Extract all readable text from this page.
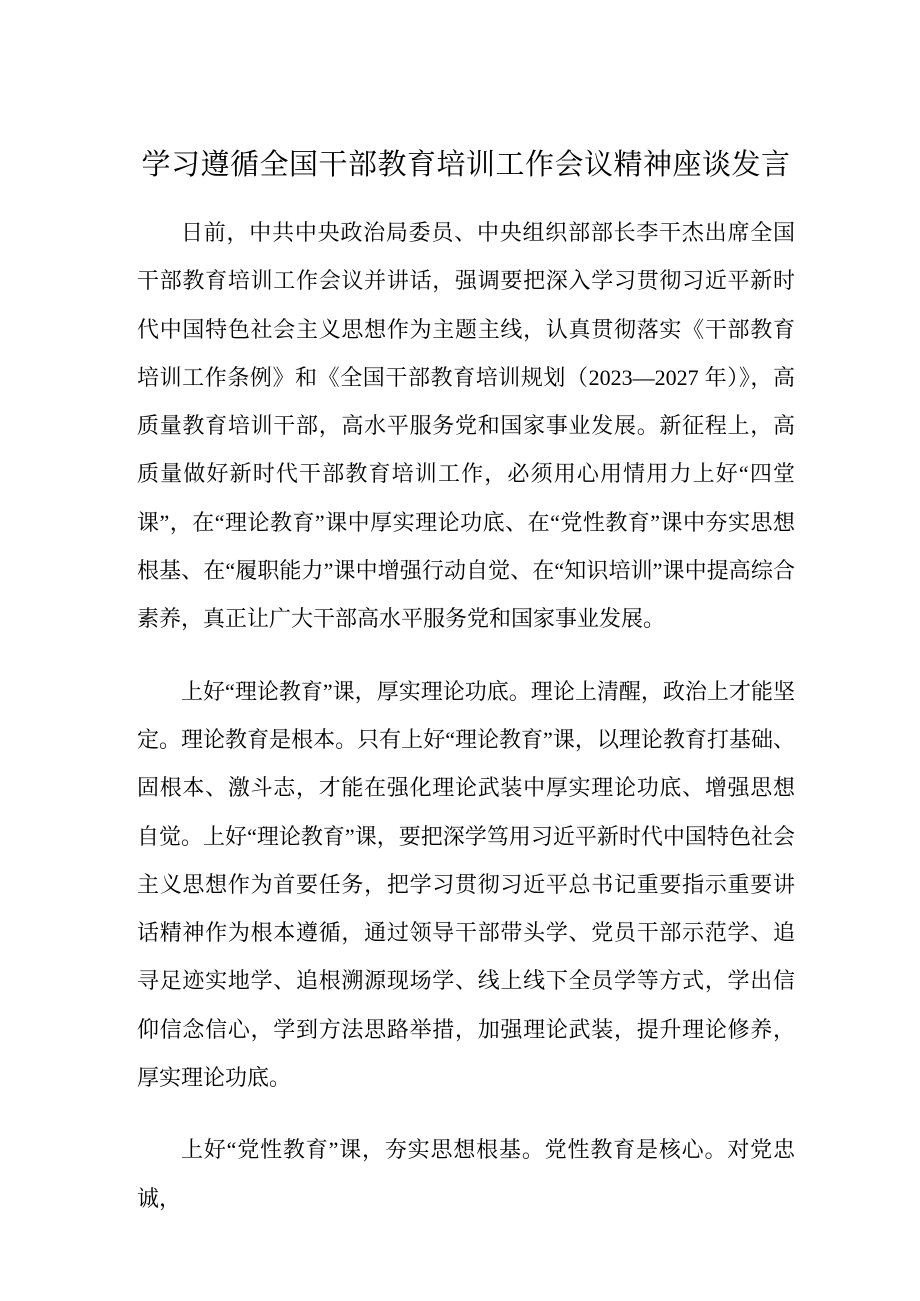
学习遵循全国干部教育培训工作会议精神座谈发言

日前，中共中央政治局委员、中央组织部部长李干杰出席全国干部教育培训工作会议并讲话，强调要把深入学习贯彻习近平新时代中国特色社会主义思想作为主题主线，认真贯彻落实《干部教育培训工作条例》和《全国干部教育培训规划（2023—2027 年）》，高质量教育培训干部，高水平服务党和国家事业发展。新征程上，高质量做好新时代干部教育培训工作，必须用心用情用力上好“四堂课”，在“理论教育”课中厚实理论功底、在“党性教育”课中夯实思想根基、在“履职能力”课中增强行动自觉、在“知识培训”课中提高综合素养，真正让广大干部高水平服务党和国家事业发展。

上好“理论教育”课，厚实理论功底。理论上清醒，政治上才能坚定。理论教育是根本。只有上好“理论教育”课，以理论教育打基础、固根本、激斗志，才能在强化理论武装中厚实理论功底、增强思想自觉。上好“理论教育”课，要把深学笃用习近平新时代中国特色社会主义思想作为首要任务，把学习贯彻习近平总书记重要指示重要讲话精神作为根本遵循，通过领导干部带头学、党员干部示范学、追寻足迹实地学、追根溯源现场学、线上线下全员学等方式，学出信仰信念信心，学到方法思路举措，加强理论武装，提升理论修养，厚实理论功底。

上好“党性教育”课，夯实思想根基。党性教育是核心。对党忠诚，
